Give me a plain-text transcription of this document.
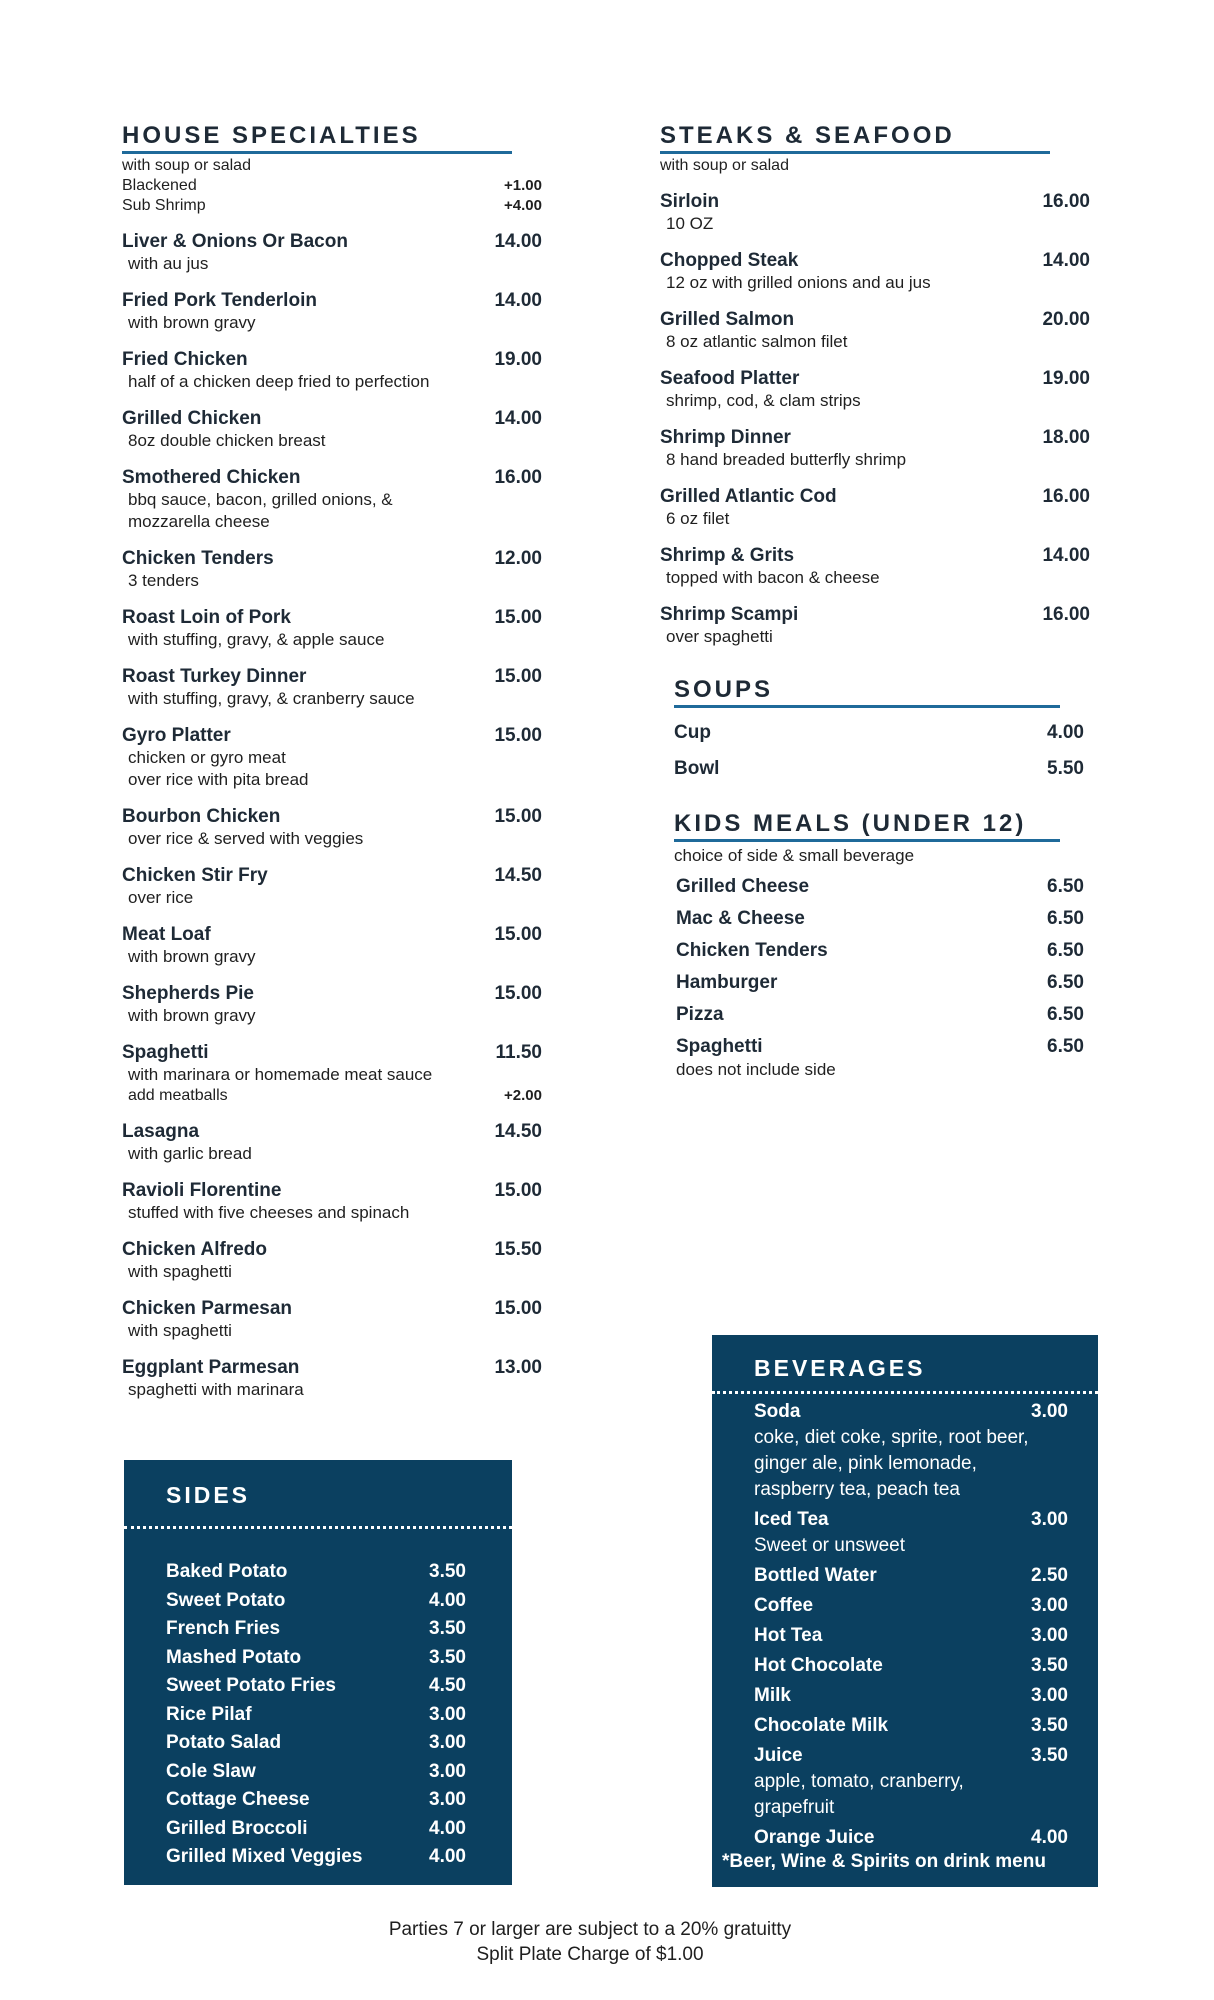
HOUSE SPECIALTIES
with soup or salad
Blackened	+1.00
Sub Shrimp	+4.00
Liver & Onions Or Bacon	14.00
with au jus
Fried Pork Tenderloin	14.00
with brown gravy
Fried Chicken	19.00
half of a chicken deep fried to perfection
Grilled Chicken	14.00
8oz double chicken breast
Smothered Chicken	16.00
bbq sauce, bacon, grilled onions, &
mozzarella cheese
Chicken Tenders	12.00
3 tenders
Roast Loin of Pork	15.00
with stuffing, gravy, & apple sauce
Roast Turkey Dinner	15.00
with stuffing, gravy, & cranberry sauce
Gyro Platter	15.00
chicken or gyro meat
over rice with pita bread
Bourbon Chicken	15.00
over rice & served with veggies
Chicken Stir Fry	14.50
over rice
Meat Loaf	15.00
with brown gravy
Shepherds Pie	15.00
with brown gravy
Spaghetti	11.50
with marinara or homemade meat sauce
add meatballs	+2.00
Lasagna	14.50
with garlic bread
Ravioli Florentine	15.00
stuffed with five cheeses and spinach
Chicken Alfredo	15.50
with spaghetti
Chicken Parmesan	15.00
with spaghetti
Eggplant Parmesan	13.00
spaghetti with marinara
STEAKS & SEAFOOD
with soup or salad
Sirloin	16.00
10 OZ
Chopped Steak	14.00
12 oz with grilled onions and au jus
Grilled Salmon	20.00
8 oz atlantic salmon filet
Seafood Platter	19.00
shrimp, cod, & clam strips
Shrimp Dinner	18.00
8 hand breaded butterfly shrimp
Grilled Atlantic Cod	16.00
6 oz filet
Shrimp & Grits	14.00
topped with bacon & cheese
Shrimp Scampi	16.00
over spaghetti
SOUPS
Cup	4.00
Bowl	5.50
KIDS MEALS (UNDER 12)
choice of side & small beverage
Grilled Cheese	6.50
Mac & Cheese	6.50
Chicken Tenders	6.50
Hamburger	6.50
Pizza	6.50
Spaghetti	6.50
does not include side
SIDES
Baked Potato	3.50
Sweet Potato	4.00
French Fries	3.50
Mashed Potato	3.50
Sweet Potato Fries	4.50
Rice Pilaf	3.00
Potato Salad	3.00
Cole Slaw	3.00
Cottage Cheese	3.00
Grilled Broccoli	4.00
Grilled Mixed Veggies	4.00
BEVERAGES
Soda	3.00
coke, diet coke, sprite, root beer,
ginger ale, pink lemonade,
raspberry tea, peach tea
Iced Tea	3.00
Sweet or unsweet
Bottled Water	2.50
Coffee	3.00
Hot Tea	3.00
Hot Chocolate	3.50
Milk	3.00
Chocolate Milk	3.50
Juice	3.50
apple, tomato, cranberry,
grapefruit
Orange Juice	4.00
*Beer, Wine & Spirits on drink menu
Parties 7 or larger are subject to a 20% gratuitty
Split Plate Charge of $1.00
